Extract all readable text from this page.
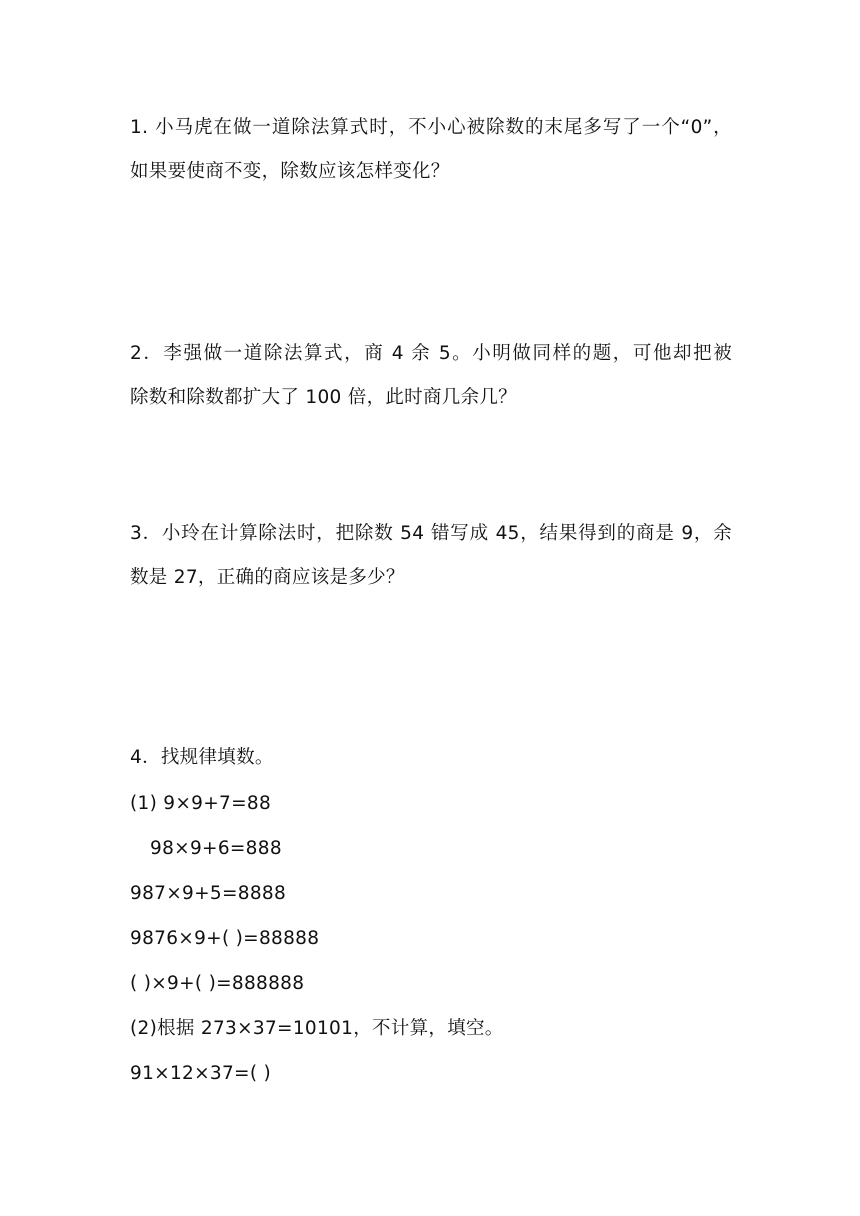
1. 小马虎在做一道除法算式时，不小心被除数的末尾多写了一个“0”，
如果要使商不变，除数应该怎样变化？
2．李强做一道除法算式，商 4 余 5。小明做同样的题，可他却把被
除数和除数都扩大了 100 倍，此时商几余几？
3．小玲在计算除法时，把除数 54 错写成 45，结果得到的商是 9，余
数是 27，正确的商应该是多少？
4．找规律填数。
(1) 9×9+7=88
98×9+6=888
987×9+5=8888
9876×9+( )=88888
( )×9+( )=888888
(2)根据 273×37=10101，不计算，填空。
91×12×37=( )
